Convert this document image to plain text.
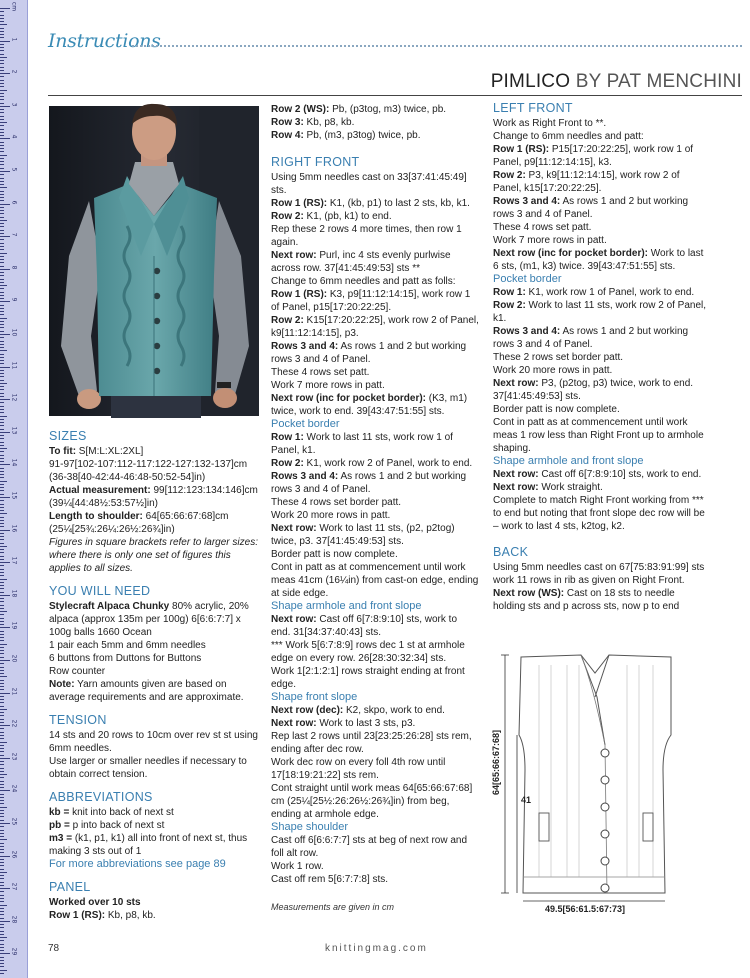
cm
1
2
3
4
5
6
7
8
9
10
11
12
13
14
15
16
17
18
19
20
21
22
23
24
25
26
27
28
29
Instructions
PIMLICO BY PAT MENCHINI
SIZES

To fit: S[M:L:XL:2XL]

91-97[102-107:112-117:122-127:132-137]cm

(36-38[40-42:44-46:48-50:52-54]in)

Actual measurement: 99[112:123:134:146]cm (39¼[44:48½:53:57½]in)

Length to shoulder: 64[65:66:67:68]cm (25¼[25¾:26¼:26½:26¾]in)

Figures in square brackets refer to larger sizes: where there is only one set of figures this applies to all sizes.

YOU WILL NEED

Stylecraft Alpaca Chunky 80% acrylic, 20% alpaca (approx 135m per 100g) 6[6:6:7:7] x 100g balls 1660 Ocean

1 pair each 5mm and 6mm needles

6 buttons from Duttons for Buttons

Row counter

Note: Yarn amounts given are based on average requirements and are approximate.

TENSION

14 sts and 20 rows to 10cm over rev st st using 6mm needles.

Use larger or smaller needles if necessary to obtain correct tension.

ABBREVIATIONS

kb = knit into back of next st

pb = p into back of next st

m3 = (k1, p1, k1) all into front of next st, thus making 3 sts out of 1

For more abbreviations see page 89

PANEL

Worked over 10 sts

Row 1 (RS): Kb, p8, kb.

Row 2 (WS): Pb, (p3tog, m3) twice, pb.

Row 3: Kb, p8, kb.

Row 4: Pb, (m3, p3tog) twice, pb.

RIGHT FRONT

Using 5mm needles cast on 33[37:41:45:49] sts.

Row 1 (RS): K1, (kb, p1) to last 2 sts, kb, k1.

Row 2: K1, (pb, k1) to end.

Rep these 2 rows 4 more times, then row 1 again.

Next row: Purl, inc 4 sts evenly purlwise across row. 37[41:45:49:53] sts **

Change to 6mm needles and patt as folls:

Row 1 (RS): K3, p9[11:12:14:15], work row 1 of Panel, p15[17:20:22:25].

Row 2: K15[17:20:22:25], work row 2 of Panel, k9[11:12:14:15], p3.

Rows 3 and 4: As rows 1 and 2 but working rows 3 and 4 of Panel.

These 4 rows set patt.

Work 7 more rows in patt.

Next row (inc for pocket border): (K3, m1) twice, work to end. 39[43:47:51:55] sts.

Pocket border

Row 1: Work to last 11 sts, work row 1 of Panel, k1.

Row 2: K1, work row 2 of Panel, work to end.

Rows 3 and 4: As rows 1 and 2 but working rows 3 and 4 of Panel.

These 4 rows set border patt.

Work 20 more rows in patt.

Next row: Work to last 11 sts, (p2, p2tog) twice, p3. 37[41:45:49:53] sts.

Border patt is now complete.

Cont in patt as at commencement until work meas 41cm (16¼in) from cast-on edge, ending at side edge.

Shape armhole and front slope

Next row: Cast off 6[7:8:9:10] sts, work to end. 31[34:37:40:43] sts.

*** Work 5[6:7:8:9] rows dec 1 st at armhole edge on every row. 26[28:30:32:34] sts.

Work 1[2:1:2:1] rows straight ending at front edge.

Shape front slope

Next row (dec): K2, skpo, work to end.

Next row: Work to last 3 sts, p3.

Rep last 2 rows until 23[23:25:26:28] sts rem, ending after dec row.

Work dec row on every foll 4th row until 17[18:19:21:22] sts rem.

Cont straight until work meas 64[65:66:67:68] cm (25¼[25½:26:26½:26¾]in) from beg, ending at armhole edge.

Shape shoulder

Cast off 6[6:6:7:7] sts at beg of next row and foll alt row.

Work 1 row.

Cast off rem 5[6:7:7:8] sts.

Measurements are given in cm
LEFT FRONT

Work as Right Front to **.

Change to 6mm needles and patt:

Row 1 (RS): P15[17:20:22:25], work row 1 of Panel, p9[11:12:14:15], k3.

Row 2: P3, k9[11:12:14:15], work row 2 of Panel, k15[17:20:22:25].

Rows 3 and 4: As rows 1 and 2 but working rows 3 and 4 of Panel.

These 4 rows set patt.

Work 7 more rows in patt.

Next row (inc for pocket border): Work to last 6 sts, (m1, k3) twice. 39[43:47:51:55] sts.

Pocket border

Row 1: K1, work row 1 of Panel, work to end.

Row 2: Work to last 11 sts, work row 2 of Panel, k1.

Rows 3 and 4: As rows 1 and 2 but working rows 3 and 4 of Panel.

These 2 rows set border patt.

Work 20 more rows in patt.

Next row: P3, (p2tog, p3) twice, work to end. 37[41:45:49:53] sts.

Border patt is now complete.

Cont in patt as at commencement until work meas 1 row less than Right Front up to armhole shaping.

Shape armhole and front slope

Next row: Cast off 6[7:8:9:10] sts, work to end.

Next row: Work straight.

Complete to match Right Front working from *** to end but noting that front slope dec row will be – work to last 4 sts, k2tog, k2.

BACK

Using 5mm needles cast on 67[75:83:91:99] sts work 11 rows in rib as given on Right Front.

Next row (WS): Cast on 18 sts to needle holding sts and p across sts, now p to end

64[65:66:67:68]
41
49.5[56:61.5:67:73]
78	knittingmag.com
